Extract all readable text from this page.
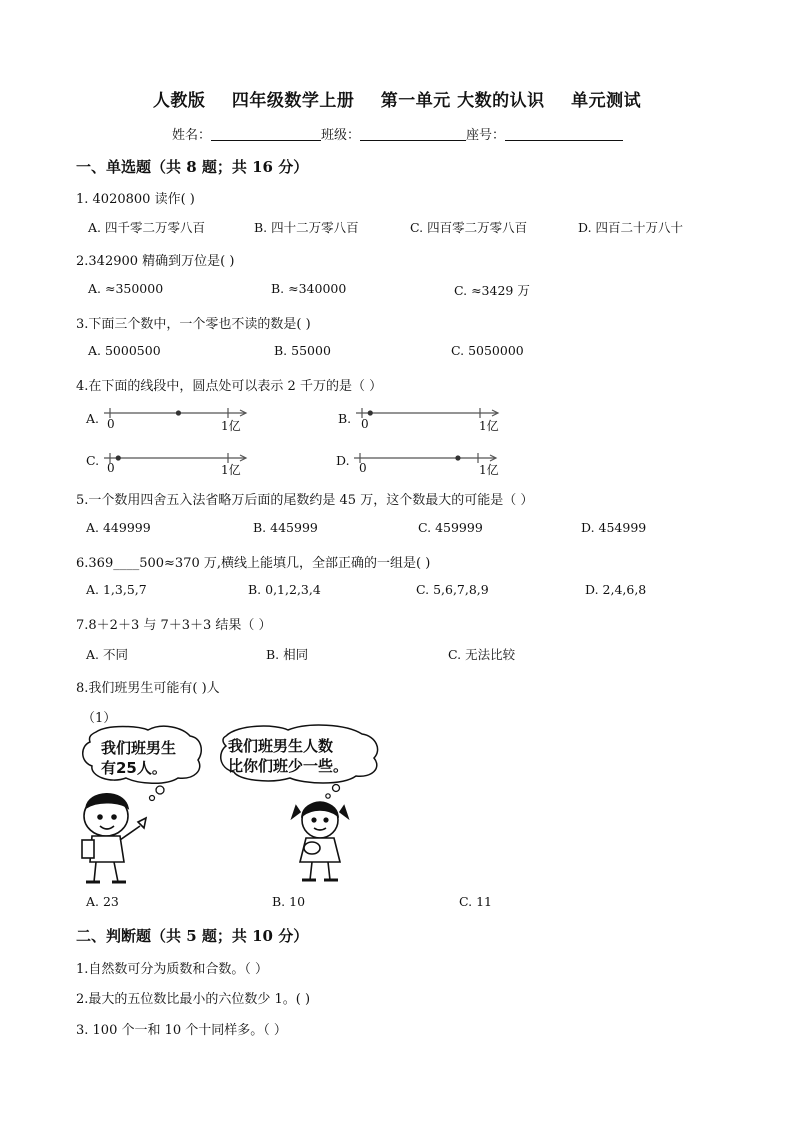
人教版 四年级数学上册 第一单元 大数的认识 单元测试
姓名：	班级：	座号：
一、单选题（共 8 题；共 16 分）
1. 4020800 读作( )
A. 四千零二万零八百	B. 四十二万零八百	C. 四百零二万零八百	D. 四百二十万八十
2.342900 精确到万位是( )
A. ≈350000	B. ≈340000	C. ≈3429 万
3.下面三个数中，一个零也不读的数是( )
A. 5000500	B. 55000	C. 5050000
4.在下面的线段中，圆点处可以表示 2 千万的是（ ）
A.	B.
C.	D.
0	1亿	0	1亿
0	1亿	0	1亿
5.一个数用四舍五入法省略万后面的尾数约是 45 万，这个数最大的可能是（ ）
A. 449999	B. 445999	C. 459999	D. 454999
6.369____500≈370 万,横线上能填几，全部正确的一组是( )
A. 1,3,5,7	B. 0,1,2,3,4	C. 5,6,7,8,9	D. 2,4,6,8
7.8＋2＋3 与 7＋3＋3 结果（ ）
A. 不同	B. 相同	C. 无法比较
8.我们班男生可能有( )人
（1）
我们班男生
有25人。
我们班男生人数
比你们班少一些。
A. 23	B. 10	C. 11
二、判断题（共 5 题；共 10 分）
1.自然数可分为质数和合数。（ ）
2.最大的五位数比最小的六位数少 1。( )
3. 100 个一和 10 个十同样多。（ ）
